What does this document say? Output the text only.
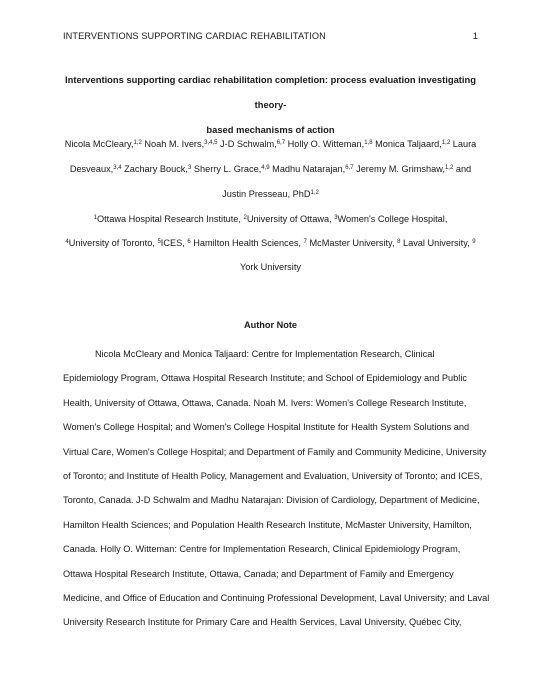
INTERVENTIONS SUPPORTING CARDIAC REHABILITATION	1
Interventions supporting cardiac rehabilitation completion: process evaluation investigating theory-
based mechanisms of action
Nicola McCleary,$^{1,2}$ Noah M. Ivers,$^{3,4,5}$ J-D Schwalm,$^{6,7}$ Holly O. Witteman,$^{1,8}$ Monica Taljaard,$^{1,2}$ Laura Desveaux,$^{3,4}$ Zachary Bouck,$^3$ Sherry L. Grace,$^{4,9}$ Madhu Natarajan,$^{6,7}$ Jeremy M. Grimshaw,$^{1,2}$ and Justin Presseau, PhD$^{1,2}$
$^1$Ottawa Hospital Research Institute, $^2$University of Ottawa, $^3$Women's College Hospital,
$^4$University of Toronto, $^5$ICES, $^6$ Hamilton Health Sciences, $^7$ McMaster University, $^8$ Laval University, $^9$
York University
Author Note
Nicola McCleary and Monica Taljaard: Centre for Implementation Research, Clinical
Epidemiology Program, Ottawa Hospital Research Institute; and School of Epidemiology and Public
Health, University of Ottawa, Ottawa, Canada. Noah M. Ivers: Women's College Research Institute,
Women's College Hospital; and Women's College Hospital Institute for Health System Solutions and
Virtual Care, Women's College Hospital; and Department of Family and Community Medicine, University
of Toronto; and Institute of Health Policy, Management and Evaluation, University of Toronto; and ICES,
Toronto, Canada. J-D Schwalm and Madhu Natarajan: Division of Cardiology, Department of Medicine,
Hamilton Health Sciences; and Population Health Research Institute, McMaster University, Hamilton,
Canada. Holly O. Witteman: Centre for Implementation Research, Clinical Epidemiology Program,
Ottawa Hospital Research Institute, Ottawa, Canada; and Department of Family and Emergency
Medicine, and Office of Education and Continuing Professional Development, Laval University; and Laval
University Research Institute for Primary Care and Health Services, Laval University, Québec City,
